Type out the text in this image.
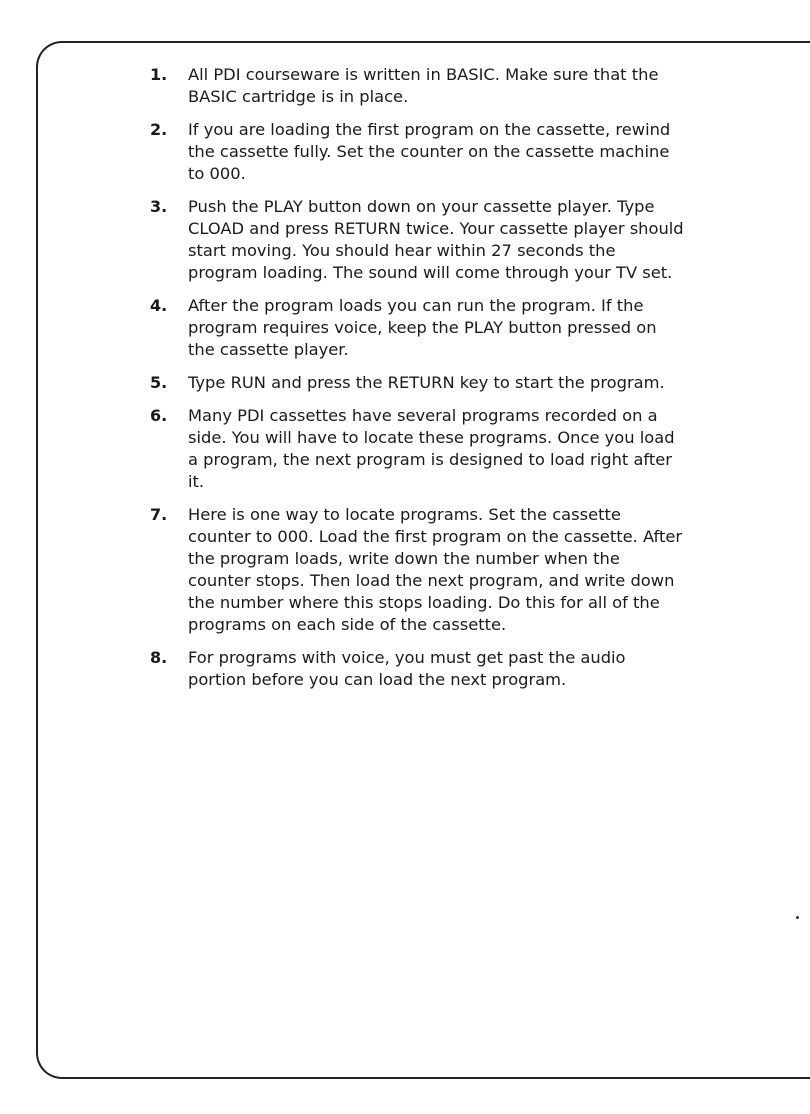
1.	All PDI courseware is written in BASIC. Make sure that the BASIC cartridge is in place.
2.	If you are loading the first program on the cassette, rewind the cassette fully. Set the counter on the cassette machine to 000.
3.	Push the PLAY button down on your cassette player. Type CLOAD and press RETURN twice. Your cassette player should start moving. You should hear within 27 seconds the program loading. The sound will come through your TV set.
4.	After the program loads you can run the program. If the program requires voice, keep the PLAY button pressed on the cassette player.
5.	Type RUN and press the RETURN key to start the program.
6.	Many PDI cassettes have several programs recorded on a side. You will have to locate these programs. Once you load a program, the next program is designed to load right after it.
7.	Here is one way to locate programs. Set the cassette counter to 000. Load the first program on the cassette. After the program loads, write down the number when the counter stops. Then load the next program, and write down the number where this stops loading. Do this for all of the programs on each side of the cassette.
8.	For programs with voice, you must get past the audio portion before you can load the next program.
